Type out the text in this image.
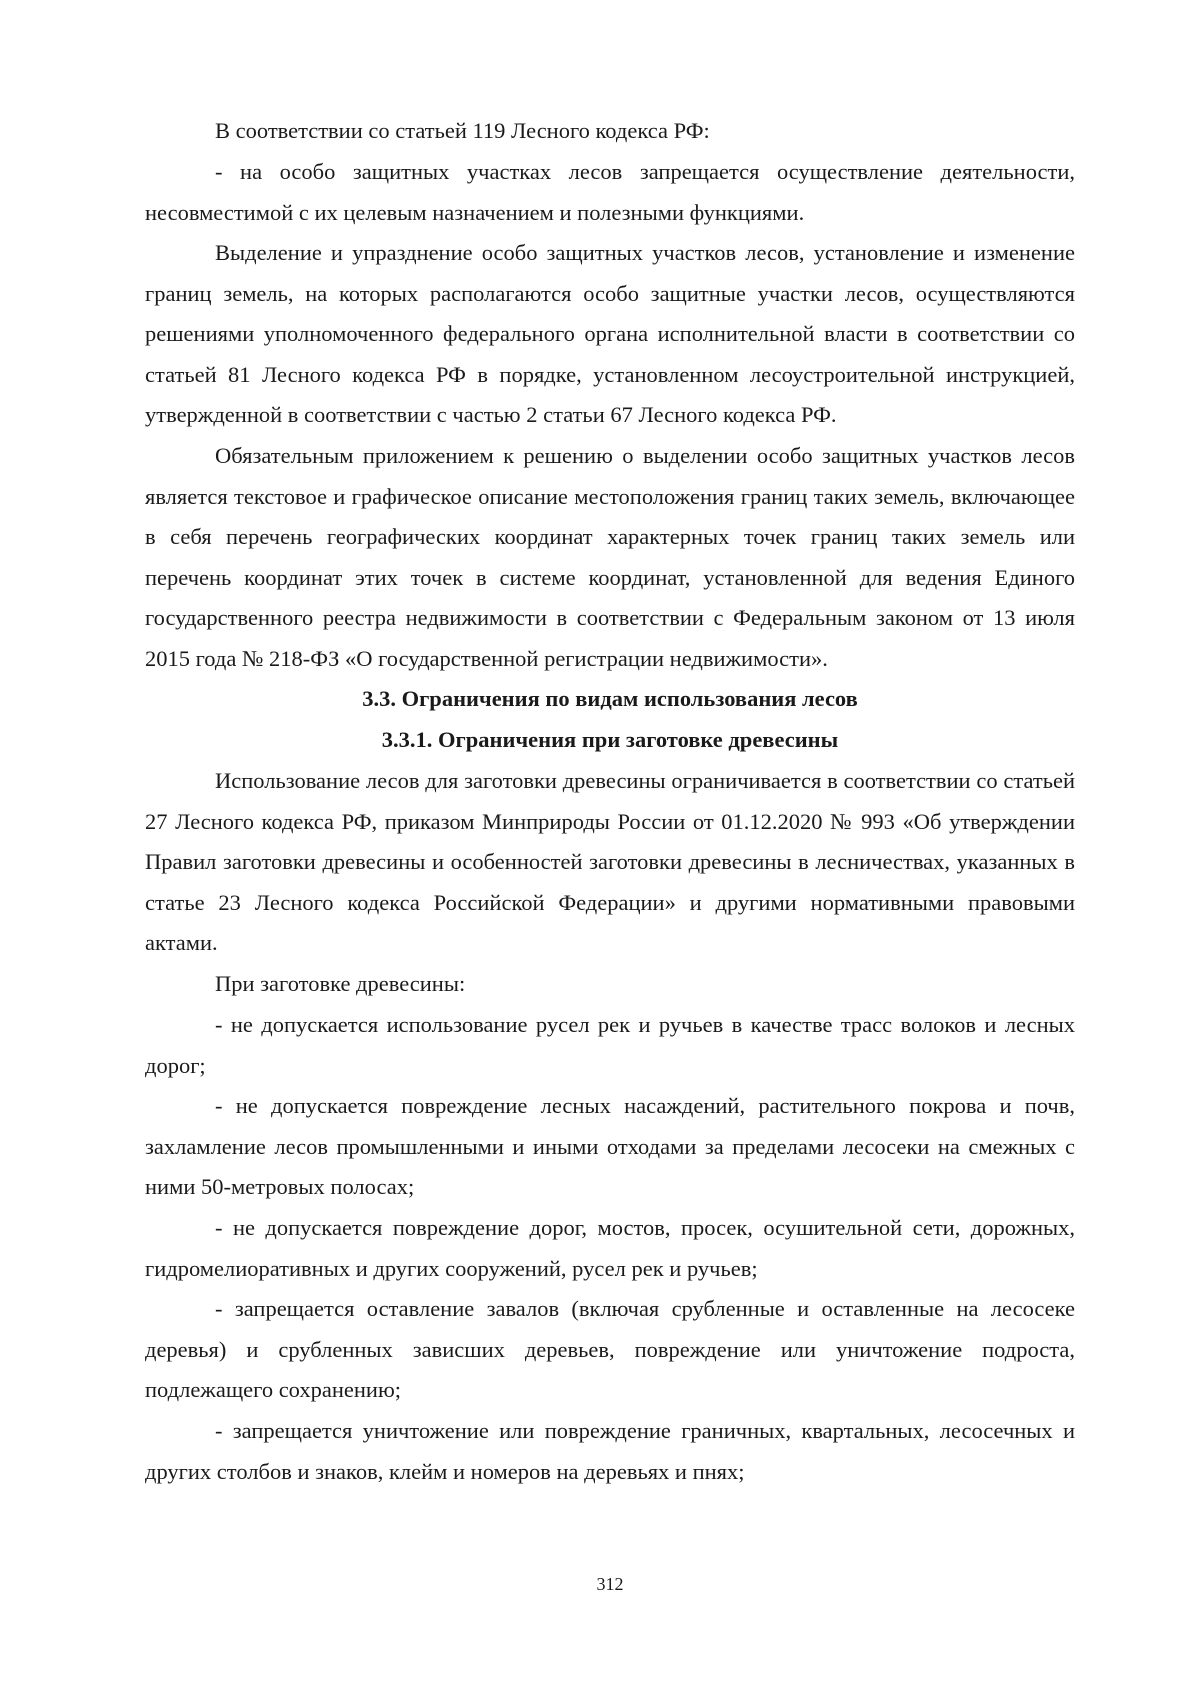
В соответствии со статьей 119 Лесного кодекса РФ:

- на особо защитных участках лесов запрещается осуществление деятельности, несовместимой с их целевым назначением и полезными функциями.

Выделение и упразднение особо защитных участков лесов, установление и изменение границ земель, на которых располагаются особо защитные участки лесов, осуществляются решениями уполномоченного федерального органа исполнительной власти в соответствии со статьей 81 Лесного кодекса РФ в порядке, установленном лесоустроительной инструкцией, утвержденной в соответствии с частью 2 статьи 67 Лесного кодекса РФ.

Обязательным приложением к решению о выделении особо защитных участков лесов является текстовое и графическое описание местоположения границ таких земель, включающее в себя перечень географических координат характерных точек границ таких земель или перечень координат этих точек в системе координат, установленной для ведения Единого государственного реестра недвижимости в соответствии с Федеральным законом от 13 июля 2015 года № 218-ФЗ «О государственной регистрации недвижимости».

3.3. Ограничения по видам использования лесов
3.3.1. Ограничения при заготовке древесины

Использование лесов для заготовки древесины ограничивается в соответствии со статьей 27 Лесного кодекса РФ, приказом Минприроды России от 01.12.2020 № 993 «Об утверждении Правил заготовки древесины и особенностей заготовки древесины в лесничествах, указанных в статье 23 Лесного кодекса Российской Федерации» и другими нормативными правовыми актами.

При заготовке древесины:

- не допускается использование русел рек и ручьев в качестве трасс волоков и лесных дорог;

- не допускается повреждение лесных насаждений, растительного покрова и почв, захламление лесов промышленными и иными отходами за пределами лесосеки на смежных с ними 50-метровых полосах;

- не допускается повреждение дорог, мостов, просек, осушительной сети, дорожных, гидромелиоративных и других сооружений, русел рек и ручьев;

- запрещается оставление завалов (включая срубленные и оставленные на лесосеке деревья) и срубленных зависших деревьев, повреждение или уничтожение подроста, подлежащего сохранению;

- запрещается уничтожение или повреждение граничных, квартальных, лесосечных и других столбов и знаков, клейм и номеров на деревьях и пнях;

312
